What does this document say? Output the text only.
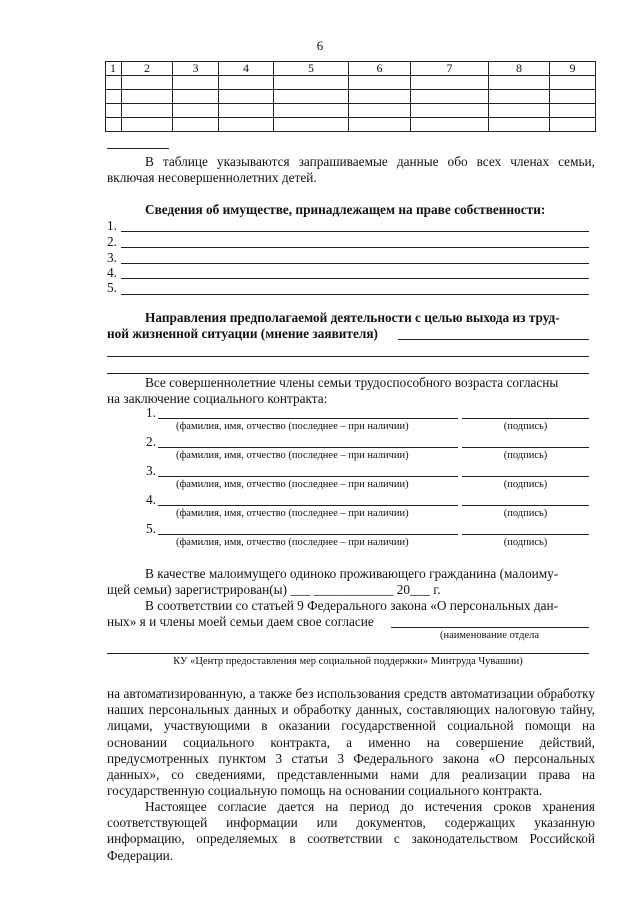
6
1	2	3	4	5	6	7	8	9

В таблице указываются запрашиваемые данные обо всех членах семьи, включая несовершеннолетних детей.
Сведения об имуществе, принадлежащем на праве собственности:
1.
2.
3.
4.
5.
Направления предполагаемой деятельности с целью выхода из труд-
ной жизненной ситуации (мнение заявителя)
Все совершеннолетние члены семьи трудоспособного возраста согласны
на заключение социального контракта:
1.
(фамилия, имя, отчество (последнее – при наличии)	(подпись)
2.
(фамилия, имя, отчество (последнее – при наличии)	(подпись)
3.
(фамилия, имя, отчество (последнее – при наличии)	(подпись)
4.
(фамилия, имя, отчество (последнее – при наличии)	(подпись)
5.
(фамилия, имя, отчество (последнее – при наличии)	(подпись)
В качестве малоимущего одиноко проживающего гражданина (малоиму-
щей семьи) зарегистрирован(ы) ___ ____________ 20___ г.
В соответствии со статьей 9 Федерального закона «О персональных дан-
ных» я и члены моей семьи даем свое согласие
(наименование отдела
КУ «Центр предоставления мер социальной поддержки» Минтруда Чувашии)
на автоматизированную, а также без использования средств автоматизации обработку наших персональных данных и обработку данных, составляющих налоговую тайну, лицами, участвующими в оказании государственной социальной помощи на основании социального контракта, а именно на совершение действий, предусмотренных пунктом 3 статьи 3 Федерального закона «О персональных данных», со сведениями, представленными нами для реализации права на государственную социальную помощь на основании социального контракта.
Настоящее согласие дается на период до истечения сроков хранения соответствующей информации или документов, содержащих указанную информацию, определяемых в соответствии с законодательством Российской Федерации.
